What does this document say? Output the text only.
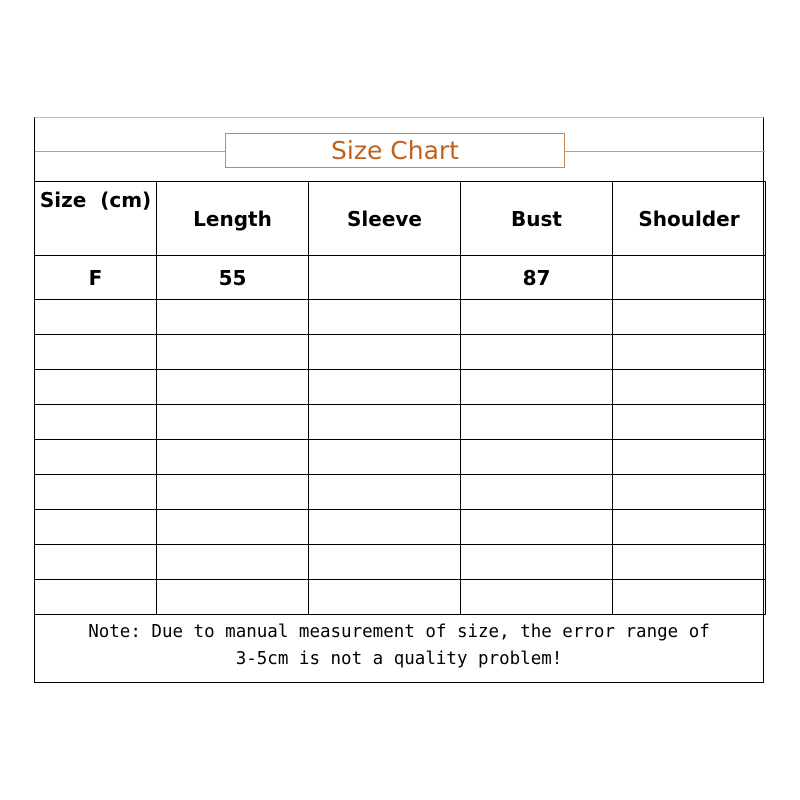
Size Chart
Size  (cm)	Length	Sleeve	Bust	Shoulder
F	55		87	

Note: Due to manual measurement of size, the error range of
3-5cm is not a quality problem!
